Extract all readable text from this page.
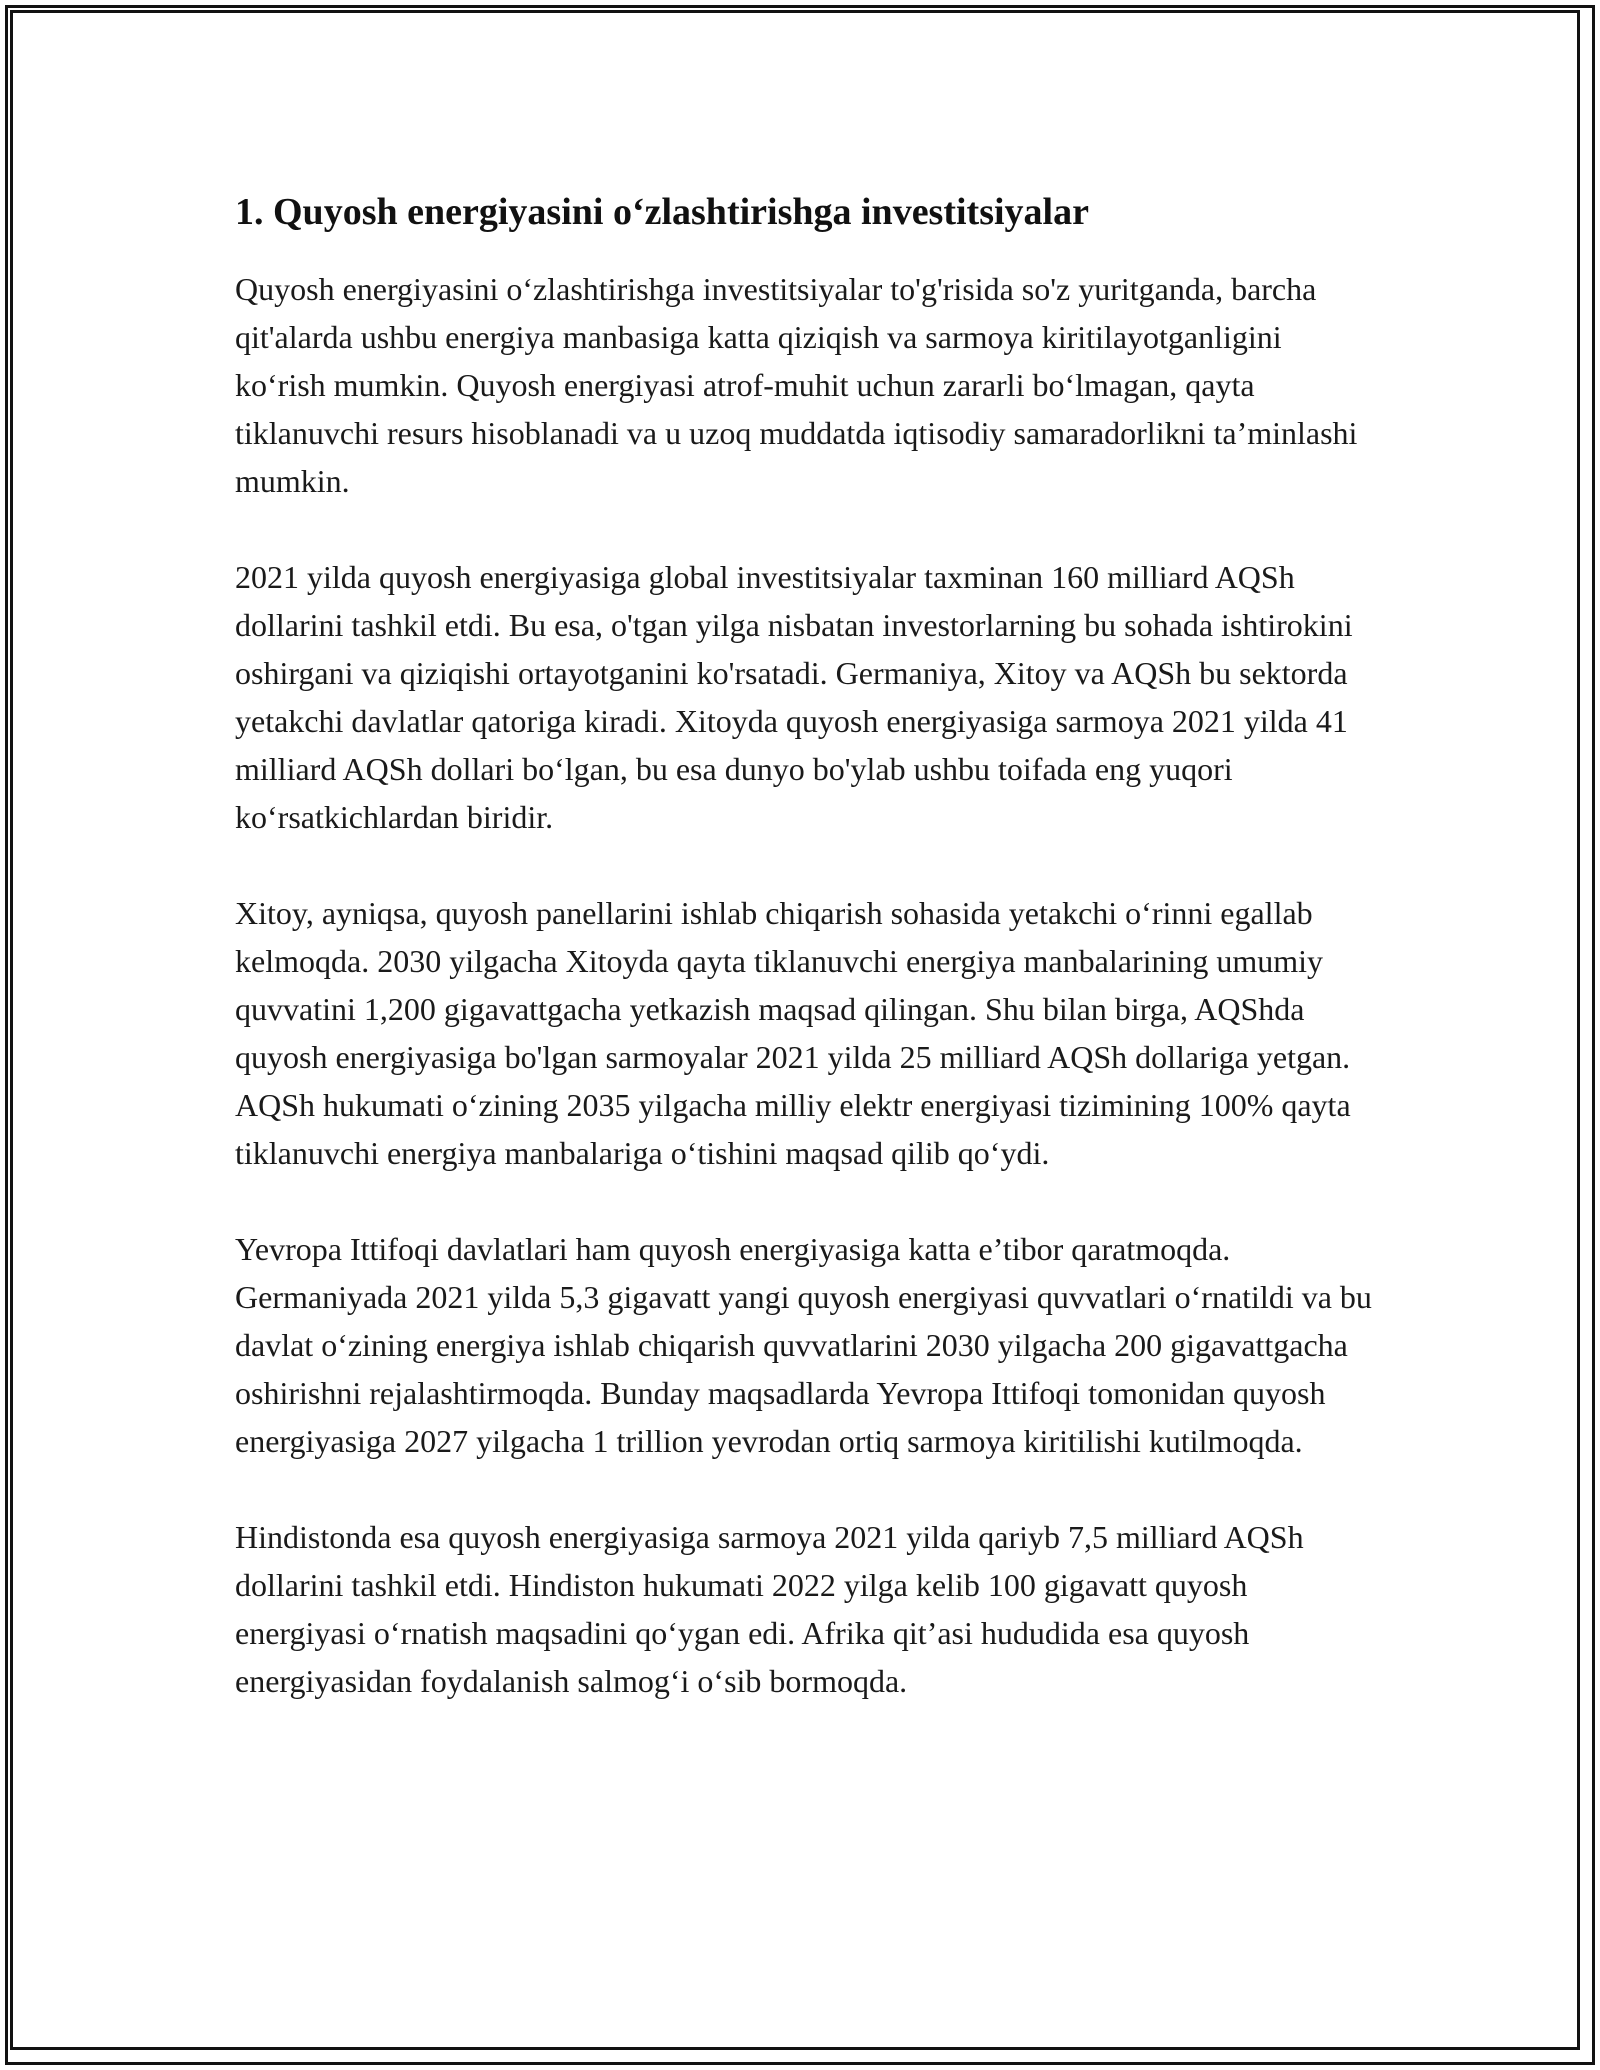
1. Quyosh energiyasini o‘zlashtirishga investitsiyalar

Quyosh energiyasini o‘zlashtirishga investitsiyalar to'g'risida so'z yuritganda, barcha qit'alarda ushbu energiya manbasiga katta qiziqish va sarmoya kiritilayotganligini ko‘rish mumkin. Quyosh energiyasi atrof-muhit uchun zararli bo‘lmagan, qayta tiklanuvchi resurs hisoblanadi va u uzoq muddatda iqtisodiy samaradorlikni ta’minlashi mumkin.

2021 yilda quyosh energiyasiga global investitsiyalar taxminan 160 milliard AQSh dollarini tashkil etdi. Bu esa, o'tgan yilga nisbatan investorlarning bu sohada ishtirokini oshirgani va qiziqishi ortayotganini ko'rsatadi. Germaniya, Xitoy va AQSh bu sektorda yetakchi davlatlar qatoriga kiradi. Xitoyda quyosh energiyasiga sarmoya 2021 yilda 41 milliard AQSh dollari bo‘lgan, bu esa dunyo bo'ylab ushbu toifada eng yuqori ko‘rsatkichlardan biridir.

Xitoy, ayniqsa, quyosh panellarini ishlab chiqarish sohasida yetakchi o‘rinni egallab kelmoqda. 2030 yilgacha Xitoyda qayta tiklanuvchi energiya manbalarining umumiy quvvatini 1,200 gigavattgacha yetkazish maqsad qilingan. Shu bilan birga, AQShda quyosh energiyasiga bo'lgan sarmoyalar 2021 yilda 25 milliard AQSh dollariga yetgan. AQSh hukumati o‘zining 2035 yilgacha milliy elektr energiyasi tizimining 100% qayta tiklanuvchi energiya manbalariga o‘tishini maqsad qilib qo‘ydi.

Yevropa Ittifoqi davlatlari ham quyosh energiyasiga katta e’tibor qaratmoqda. Germaniyada 2021 yilda 5,3 gigavatt yangi quyosh energiyasi quvvatlari o‘rnatildi va bu davlat o‘zining energiya ishlab chiqarish quvvatlarini 2030 yilgacha 200 gigavattgacha oshirishni rejalashtirmoqda. Bunday maqsadlarda Yevropa Ittifoqi tomonidan quyosh energiyasiga 2027 yilgacha 1 trillion yevrodan ortiq sarmoya kiritilishi kutilmoqda.

Hindistonda esa quyosh energiyasiga sarmoya 2021 yilda qariyb 7,5 milliard AQSh dollarini tashkil etdi. Hindiston hukumati 2022 yilga kelib 100 gigavatt quyosh energiyasi o‘rnatish maqsadini qo‘ygan edi. Afrika qit’asi hududida esa quyosh energiyasidan foydalanish salmog‘i o‘sib bormoqda.
